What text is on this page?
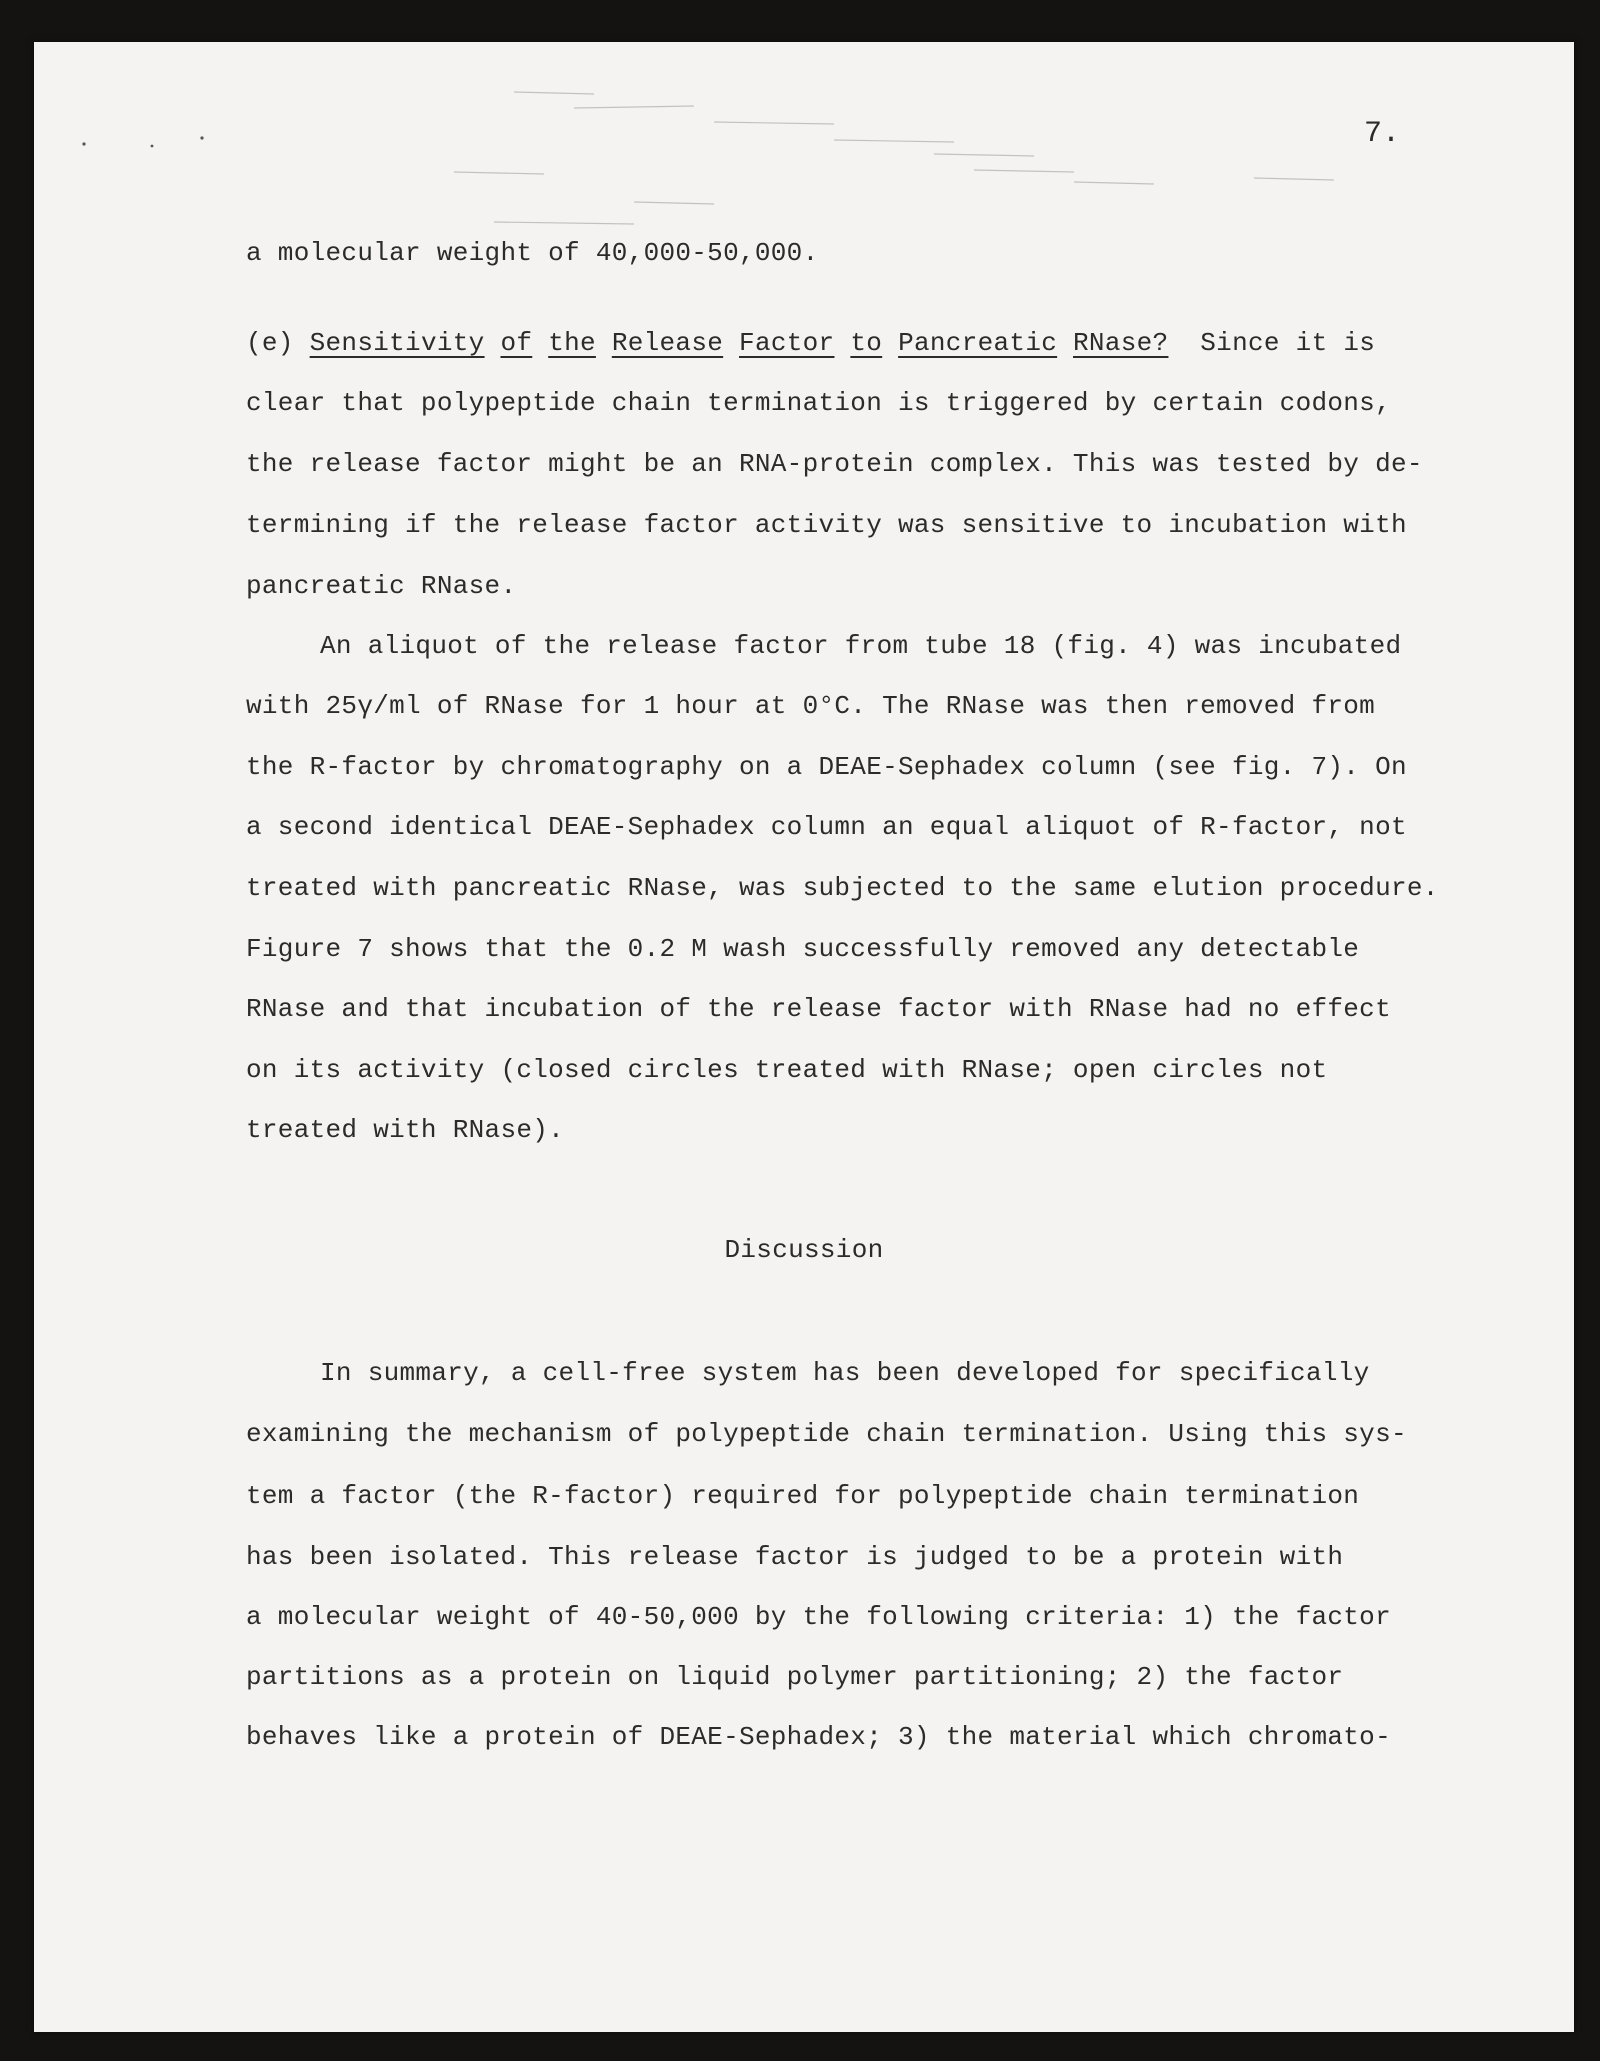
7.
a molecular weight of 40,000-50,000.
(e) Sensitivity of the Release Factor to Pancreatic RNase? Since it is
clear that polypeptide chain termination is triggered by certain codons,
the release factor might be an RNA-protein complex. This was tested by de-
termining if the release factor activity was sensitive to incubation with
pancreatic RNase.
An aliquot of the release factor from tube 18 (fig. 4) was incubated
with 25γ/ml of RNase for 1 hour at 0°C. The RNase was then removed from
the R-factor by chromatography on a DEAE-Sephadex column (see fig. 7). On
a second identical DEAE-Sephadex column an equal aliquot of R-factor, not
treated with pancreatic RNase, was subjected to the same elution procedure.
Figure 7 shows that the 0.2 M wash successfully removed any detectable
RNase and that incubation of the release factor with RNase had no effect
on its activity (closed circles treated with RNase; open circles not
treated with RNase).
Discussion
In summary, a cell-free system has been developed for specifically
examining the mechanism of polypeptide chain termination. Using this sys-
tem a factor (the R-factor) required for polypeptide chain termination
has been isolated. This release factor is judged to be a protein with
a molecular weight of 40-50,000 by the following criteria: 1) the factor
partitions as a protein on liquid polymer partitioning; 2) the factor
behaves like a protein of DEAE-Sephadex; 3) the material which chromato-
